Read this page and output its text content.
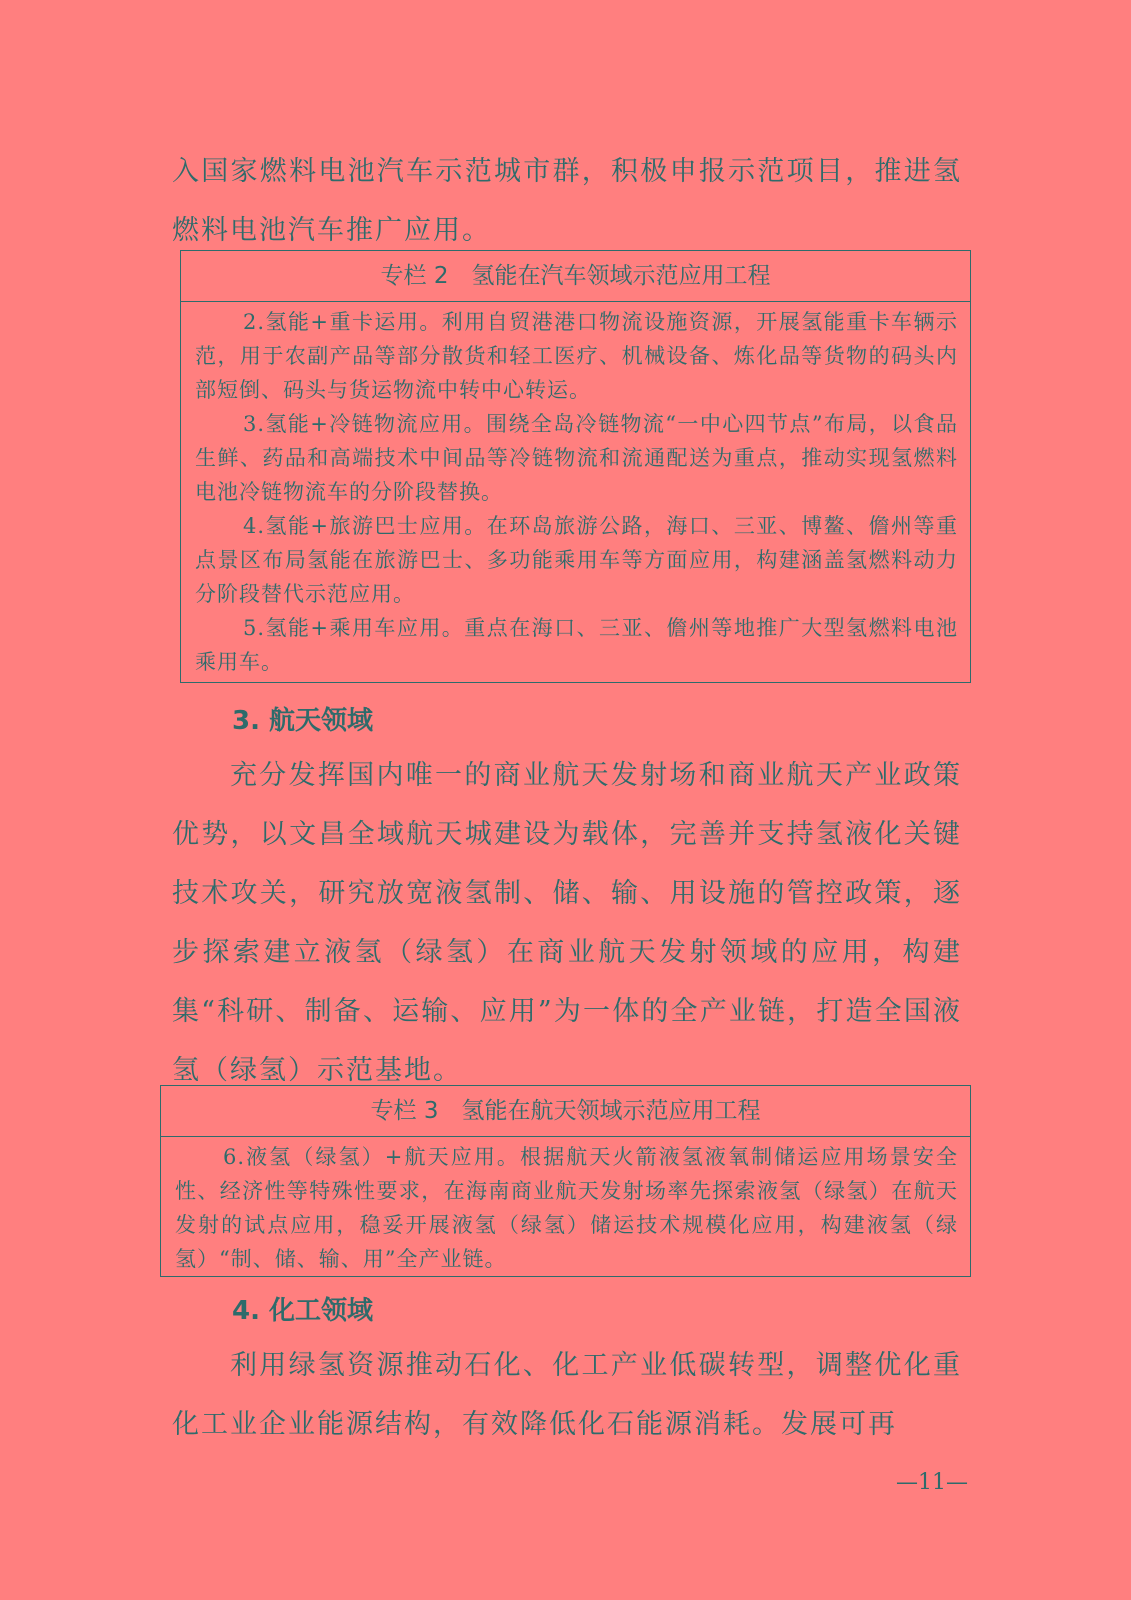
入国家燃料电池汽车示范城市群，积极申报示范项目，推进氢燃料电池汽车推广应用。

专栏 2　氢能在汽车领域示范应用工程

2.氢能+重卡运用。利用自贸港港口物流设施资源，开展氢能重卡车辆示范，用于农副产品等部分散货和轻工医疗、机械设备、炼化品等货物的码头内部短倒、码头与货运物流中转中心转运。

3.氢能+冷链物流应用。围绕全岛冷链物流“一中心四节点”布局，以食品生鲜、药品和高端技术中间品等冷链物流和流通配送为重点，推动实现氢燃料电池冷链物流车的分阶段替换。

4.氢能+旅游巴士应用。在环岛旅游公路，海口、三亚、博鳌、儋州等重点景区布局氢能在旅游巴士、多功能乘用车等方面应用，构建涵盖氢燃料动力分阶段替代示范应用。

5.氢能+乘用车应用。重点在海口、三亚、儋州等地推广大型氢燃料电池乘用车。

3. 航天领域

充分发挥国内唯一的商业航天发射场和商业航天产业政策优势，以文昌全域航天城建设为载体，完善并支持氢液化关键技术攻关，研究放宽液氢制、储、输、用设施的管控政策，逐步探索建立液氢（绿氢）在商业航天发射领域的应用，构建集“科研、制备、运输、应用”为一体的全产业链，打造全国液氢（绿氢）示范基地。

专栏 3　氢能在航天领域示范应用工程

6.液氢（绿氢）+航天应用。根据航天火箭液氢液氧制储运应用场景安全性、经济性等特殊性要求，在海南商业航天发射场率先探索液氢（绿氢）在航天发射的试点应用，稳妥开展液氢（绿氢）储运技术规模化应用，构建液氢（绿氢）“制、储、输、用”全产业链。

4. 化工领域

利用绿氢资源推动石化、化工产业低碳转型，调整优化重化工业企业能源结构，有效降低化石能源消耗。发展可再

—11—
